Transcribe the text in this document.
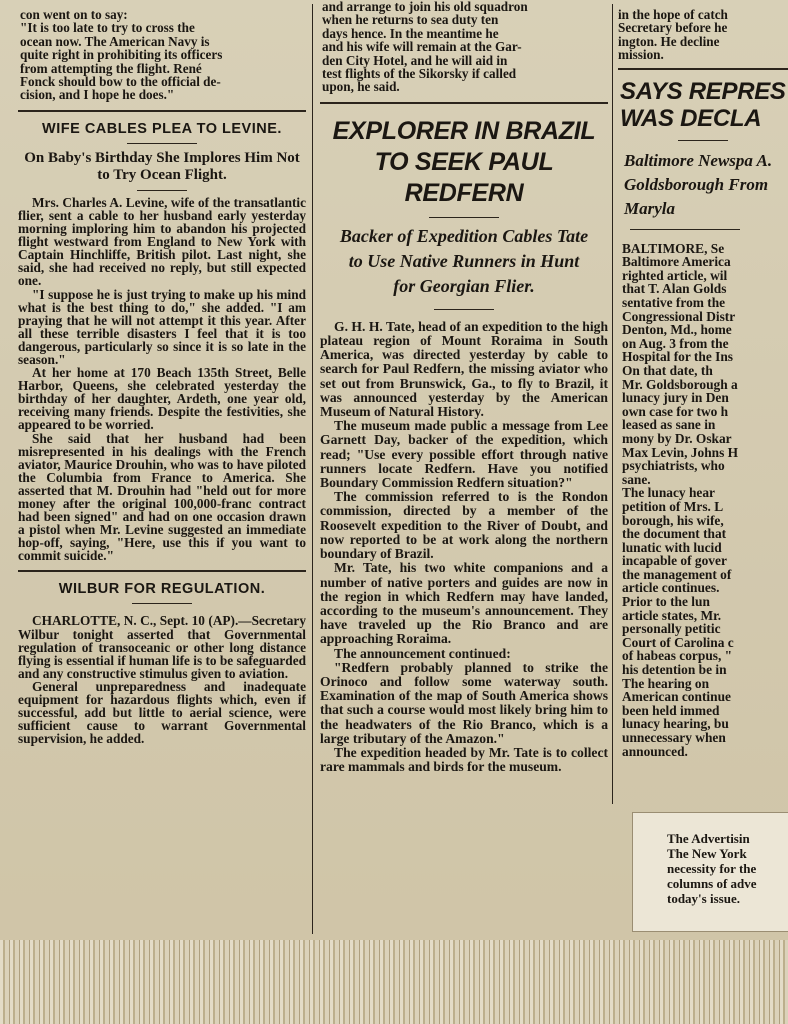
con went on to say:
"It is too late to try to cross the
ocean now. The American Navy is
quite right in prohibiting its officers
from attempting the flight. René
Fonck should bow to the official de-
cision, and I hope he does."
WIFE CABLES PLEA TO LEVINE.
On Baby's Birthday She Implores Him Not to Try Ocean Flight.

Mrs. Charles A. Levine, wife of the transatlantic flier, sent a cable to her husband early yesterday morning imploring him to abandon his projected flight westward from England to New York with Captain Hinchliffe, British pilot. Last night, she said, she had received no reply, but still expected one.

"I suppose he is just trying to make up his mind what is the best thing to do," she added. "I am praying that he will not attempt it this year. After all these terrible disasters I feel that it is too dangerous, particularly so since it is so late in the season."

At her home at 170 Beach 135th Street, Belle Harbor, Queens, she celebrated yesterday the birthday of her daughter, Ardeth, one year old, receiving many friends. Despite the festivities, she appeared to be worried.

She said that her husband had been misrepresented in his dealings with the French aviator, Maurice Drouhin, who was to have piloted the Columbia from France to America. She asserted that M. Drouhin had "held out for more money after the original 100,000-franc contract had been signed" and had on one occasion drawn a pistol when Mr. Levine suggested an immediate hop-off, saying, "Here, use this if you want to commit suicide."

WILBUR FOR REGULATION.

CHARLOTTE, N. C., Sept. 10 (AP).—Secretary Wilbur tonight asserted that Governmental regulation of transoceanic or other long distance flying is essential if human life is to be safeguarded and any constructive stimulus given to aviation.

General unpreparedness and inadequate equipment for hazardous flights which, even if successful, add but little to aerial science, were sufficient cause to warrant Governmental supervision, he added.

and arrange to join his old squadron
when he returns to sea duty ten
days hence. In the meantime he
and his wife will remain at the Gar-
den City Hotel, and he will aid in
test flights of the Sikorsky if called
upon, he said.
EXPLORER IN BRAZIL TO SEEK PAUL REDFERN
Backer of Expedition Cables Tate to Use Native Runners in Hunt for Georgian Flier.

G. H. H. Tate, head of an expedition to the high plateau region of Mount Roraima in South America, was directed yesterday by cable to search for Paul Redfern, the missing aviator who set out from Brunswick, Ga., to fly to Brazil, it was announced yesterday by the American Museum of Natural History.

The museum made public a message from Lee Garnett Day, backer of the expedition, which read; "Use every possible effort through native runners locate Redfern. Have you notified Boundary Commission Redfern situation?"

The commission referred to is the Rondon commission, directed by a member of the Roosevelt expedition to the River of Doubt, and now reported to be at work along the northern boundary of Brazil.

Mr. Tate, his two white companions and a number of native porters and guides are now in the region in which Redfern may have landed, according to the museum's announcement. They have traveled up the Rio Branco and are approaching Roraima.

The announcement continued:

"Redfern probably planned to strike the Orinoco and follow some waterway south. Examination of the map of South America shows that such a course would most likely bring him to the headwaters of the Rio Branco, which is a large tributary of the Amazon."

The expedition headed by Mr. Tate is to collect rare mammals and birds for the museum.

in the hope of catch
Secretary before he
ington. He decline
mission.
SAYS REPRES WAS DECLA
Baltimore Newspa A. Goldsborough From Maryla
BALTIMORE, Se
Baltimore America
righted article, wil
that T. Alan Golds
sentative from the
Congressional Distr
Denton, Md., home
on Aug. 3 from the
Hospital for the Ins
On that date, th
Mr. Goldsborough a
lunacy jury in Den
own case for two h
leased as sane in
mony by Dr. Oskar
Max Levin, Johns H
psychiatrists, who
sane.
The lunacy hear
petition of Mrs. L
borough, his wife,
the document that
lunatic with lucid
incapable of gover
the management of
article continues.
Prior to the lun
article states, Mr.
personally petitic
Court of Carolina c
of habeas corpus, "
his detention be in
The hearing on
American continue
been held immed
lunacy hearing, bu
unnecessary when
announced.
The Advertisin
The New York
necessity for the
columns of adve
today's issue.
